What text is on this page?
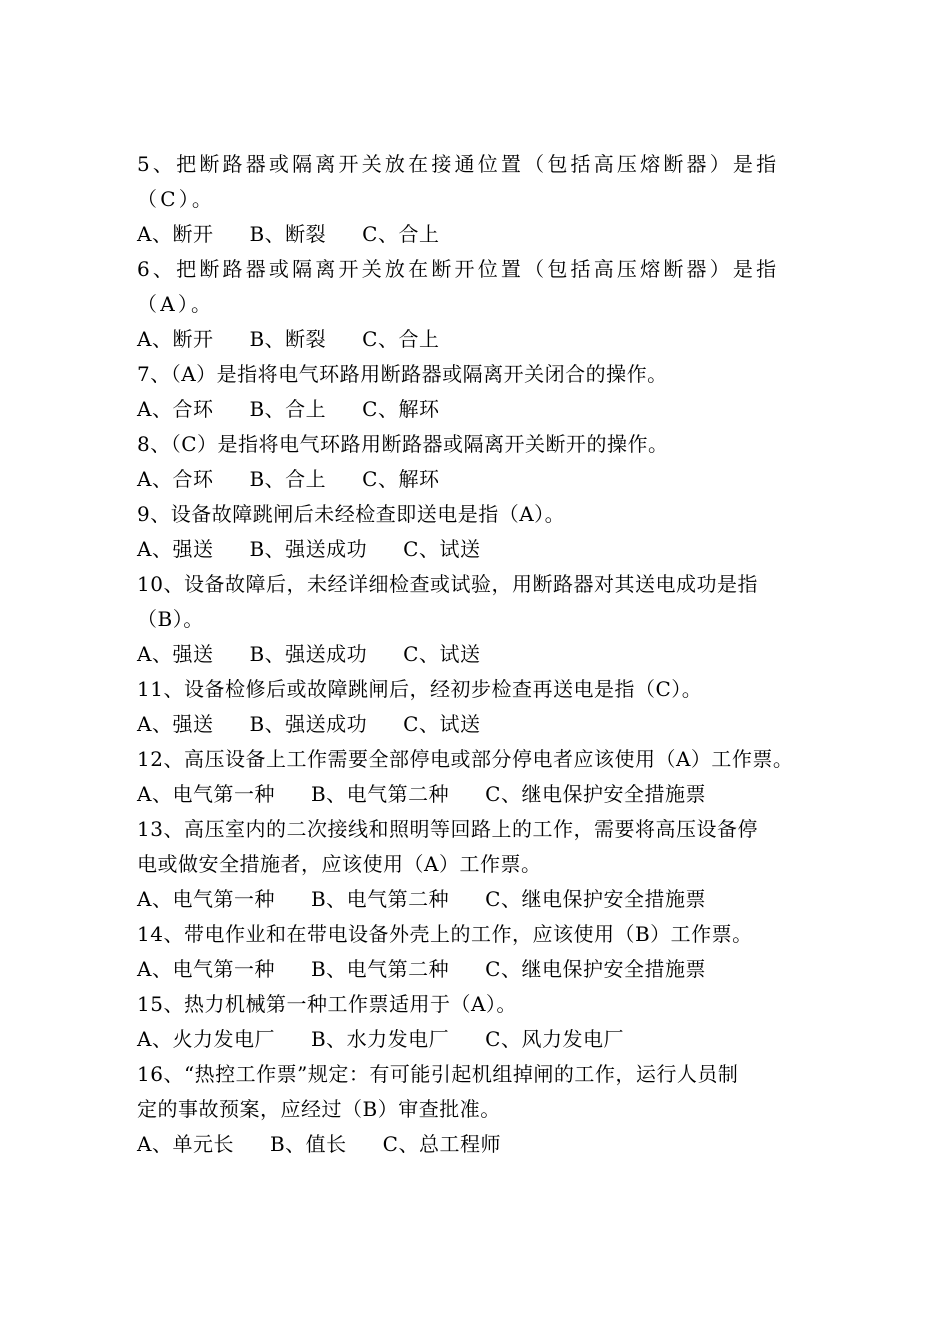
5、把断路器或隔离开关放在接通位置（包括高压熔断器）是指
（C）。
A、断开 B、断裂 C、合上
6、把断路器或隔离开关放在断开位置（包括高压熔断器）是指
（A）。
A、断开 B、断裂 C、合上
7、（A）是指将电气环路用断路器或隔离开关闭合的操作。
A、合环 B、合上 C、解环
8、（C）是指将电气环路用断路器或隔离开关断开的操作。
A、合环 B、合上 C、解环
9、设备故障跳闸后未经检查即送电是指（A）。
A、强送 B、强送成功 C、试送
10、设备故障后，未经详细检查或试验，用断路器对其送电成功是指
（B）。
A、强送 B、强送成功 C、试送
11、设备检修后或故障跳闸后，经初步检查再送电是指（C）。
A、强送 B、强送成功 C、试送
12、高压设备上工作需要全部停电或部分停电者应该使用（A）工作票。
A、电气第一种 B、电气第二种 C、继电保护安全措施票
13、高压室内的二次接线和照明等回路上的工作，需要将高压设备停
电或做安全措施者，应该使用（A）工作票。
A、电气第一种 B、电气第二种 C、继电保护安全措施票
14、带电作业和在带电设备外壳上的工作，应该使用（B）工作票。
A、电气第一种 B、电气第二种 C、继电保护安全措施票
15、热力机械第一种工作票适用于（A）。
A、火力发电厂 B、水力发电厂 C、风力发电厂
16、“热控工作票”规定：有可能引起机组掉闸的工作，运行人员制
定的事故预案，应经过（B）审查批准。
A、单元长 B、值长 C、总工程师
